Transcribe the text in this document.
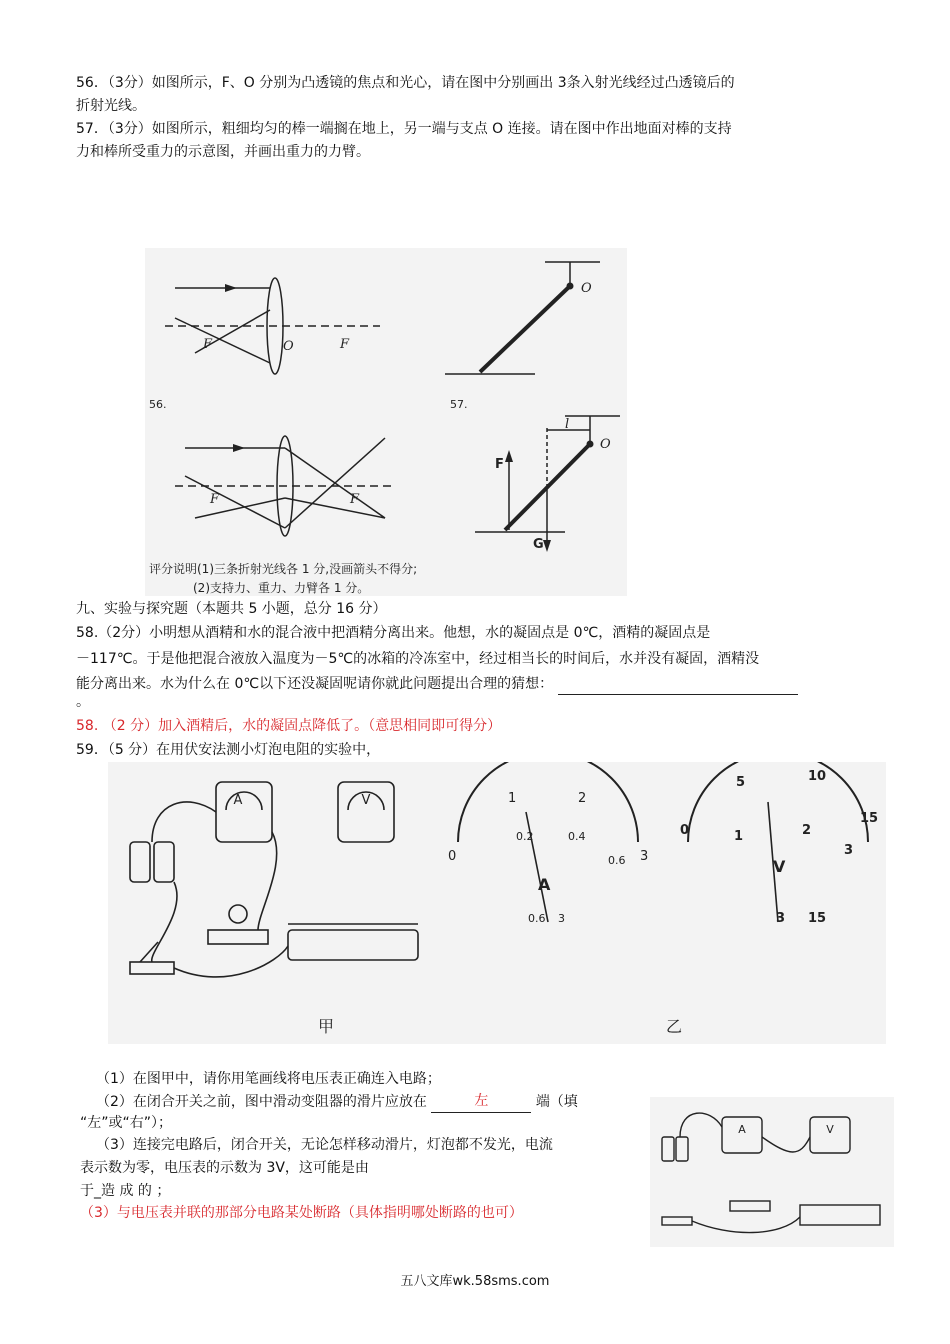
56．（3分）如图所示，F、O 分别为凸透镜的焦点和光心，请在图中分别画出 3条入射光线经过凸透镜后的
折射光线。
57．（3分）如图所示，粗细均匀的棒一端搁在地上，另一端与支点 O 连接。请在图中作出地面对棒的支持
力和棒所受重力的示意图，并画出重力的力臂。
F	F
O
O
F	F
O
l
F
G
56.	57.
评分说明(1)三条折射光线各 1 分,没画箭头不得分;
(2)支持力、重力、力臂各 1 分。
九、实验与探究题（本题共 5 小题，总分 16 分）
58.（2分）小明想从酒精和水的混合液中把酒精分离出来。他想，水的凝固点是 0℃，酒精的凝固点是
－117℃。于是他把混合液放入温度为－5℃的冰箱的冷冻室中，经过相当长的时间后，水并没有凝固，酒精没
能分离出来。水为什么在 0℃以下还没凝固呢请你就此问题提出合理的猜想：
。
58. （2 分）加入酒精后，水的凝固点降低了。（意思相同即可得分）
59．（5 分）在用伏安法测小灯泡电阻的实验中，
A	V
0
1	2
3
0.2	0.4
0.6
A
0.6 3
0
5	10
15
1	2
3
V
3 15
甲	乙
（1）在图甲中，请你用笔画线将电压表正确连入电路；
（2）在闭合开关之前，图中滑动变阻器的滑片应放在	左	端（填
“左”或“右”）；
（3）连接完电路后，闭合开关，无论怎样移动滑片，灯泡都不发光，电流
表示数为零，电压表的示数为 3V，这可能是由
于_造 成 的 ；
（3）与电压表并联的那部分电路某处断路（具体指明哪处断路的也可）
A	V
五八文库wk.58sms.com
